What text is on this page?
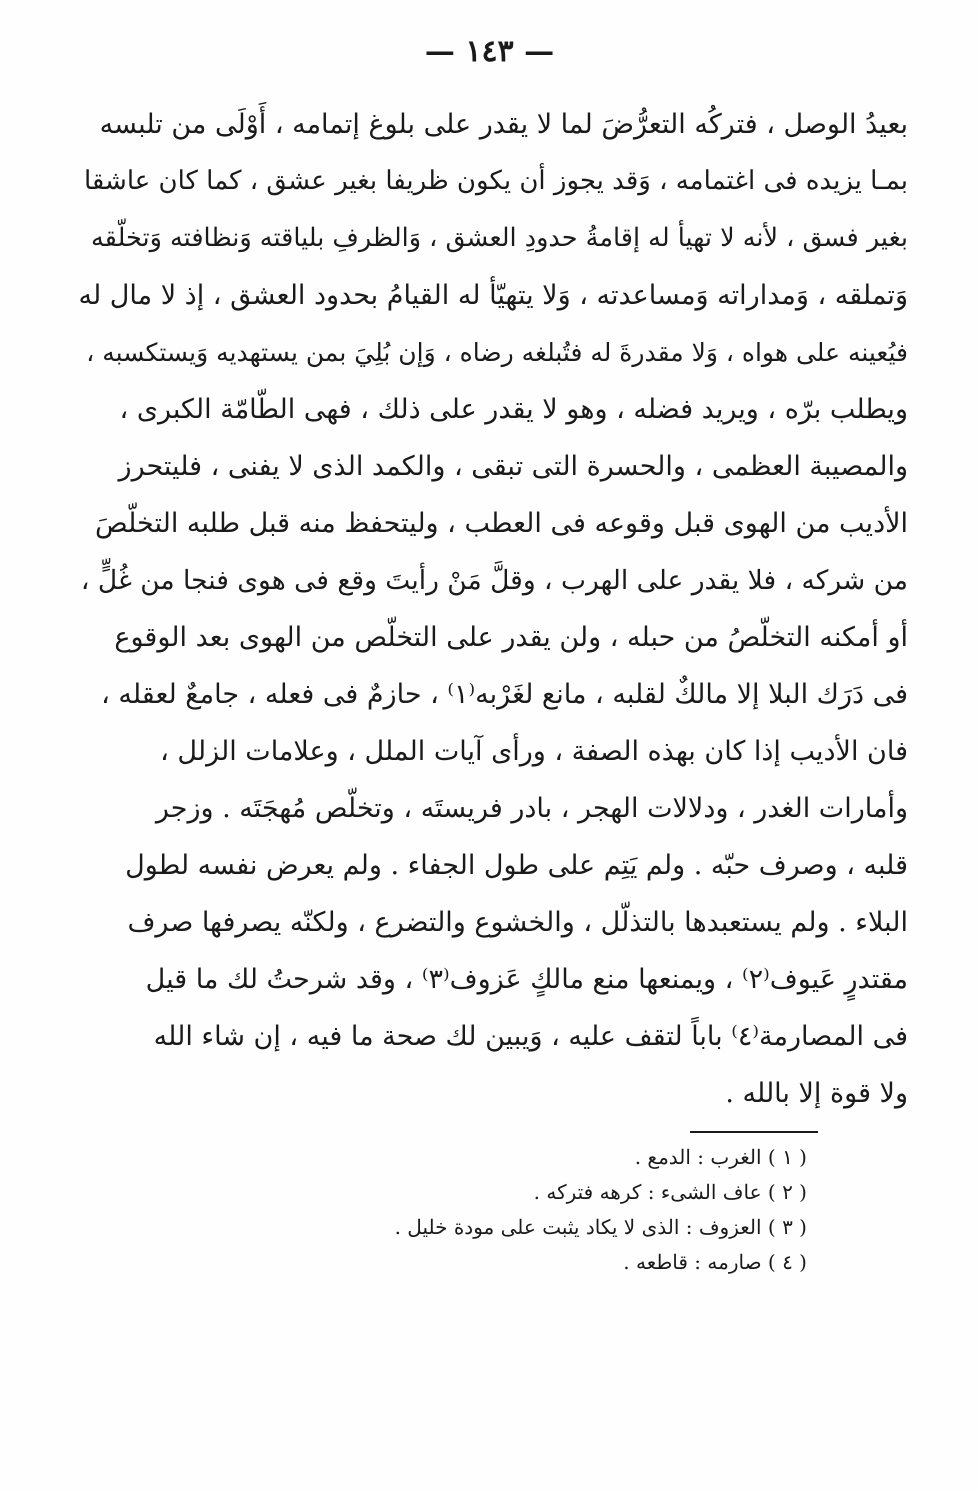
— ١٤٣ —
بعيدُ الوصل ، فتركُه التعرُّضَ لما لا يقدر على بلوغ إتمامه ، أَوْلَى من تلبسه
بمـا يزيده فى اغتمامه ، وَقد يجوز أن يكون ظريفا بغير عشق ، كما كان عاشقا
بغير فسق ، لأنه لا تهيأ له إقامةُ حدودِ العشق ، وَالظرفِ بلياقته وَنظافته وَتخلّقه
وَتملقه ، وَمداراته وَمساعدته ، وَلا يتهيّأ له القيامُ بحدود العشق ، إذ لا مال له
فيُعينه على هواه ، وَلا مقدرةَ له فتُبلغه رضاه ، وَإن بُلِيَ بمن يستهديه وَيستكسبه ،
ويطلب برّه ، ويريد فضله ، وهو لا يقدر على ذلك ، فهى الطّامّة الكبرى ،
والمصيبة العظمى ، والحسرة التى تبقى ، والكمد الذى لا يفنى ، فليتحرز
الأديب من الهوى قبل وقوعه فى العطب ، وليتحفظ منه قبل طلبه التخلّصَ
من شركه ، فلا يقدر على الهرب ، وقلَّ مَنْ رأيتَ وقع فى هوى فنجا من غُلٍّ ،
أو أمكنه التخلّصُ من حبله ، ولن يقدر على التخلّص من الهوى بعد الوقوع
فى دَرَك البلا إلا مالكٌ لقلبه ، مانع لغَرْبه⁽١⁾ ، حازمٌ فى فعله ، جامعٌ لعقله ،
فان الأديب إذا كان بهذه الصفة ، ورأى آيات الملل ، وعلامات الزلل ،
وأمارات الغدر ، ودلالات الهجر ، بادر فريستَه ، وتخلّص مُهجَتَه . وزجر
قلبه ، وصرف حبّه . ولم يَتِم على طول الجفاء . ولم يعرض نفسه لطول
البلاء . ولم يستعبدها بالتذلّل ، والخشوع والتضرع ، ولكنّه يصرفها صرف
مقتدرٍ عَيوف⁽٢⁾ ، ويمنعها منع مالكٍ عَزوف⁽٣⁾ ، وقد شرحتُ لك ما قيل
فى المصارمة⁽٤⁾ باباً لتقف عليه ، وَيبين لك صحة ما فيه ، إن شاء الله
ولا قوة إلا بالله .
( ١ ) الغرب : الدمع .
( ٢ ) عاف الشىء : كرهه فتركه .
( ٣ ) العزوف : الذى لا يكاد يثبت على مودة خليل .
( ٤ ) صارمه : قاطعه .
